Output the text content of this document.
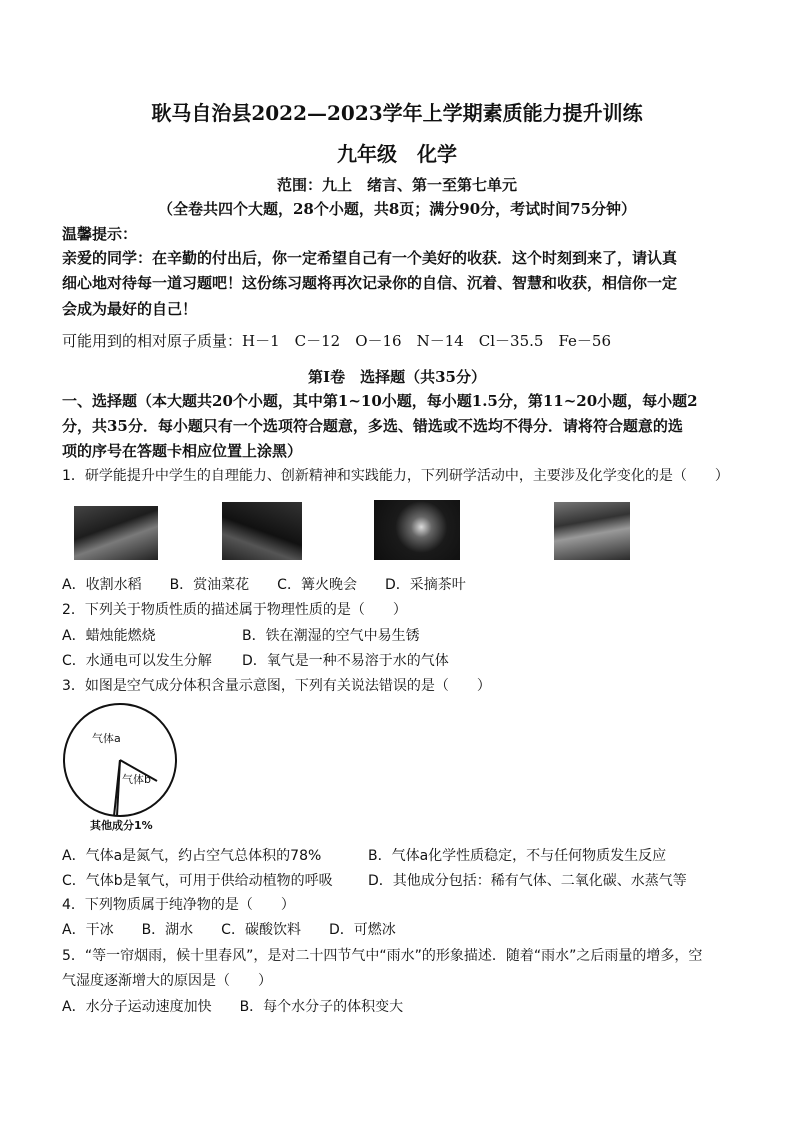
耿马自治县2022—2023学年上学期素质能力提升训练
九年级　化学
范围：九上　绪言、第一至第七单元
（全卷共四个大题，28个小题，共8页；满分90分，考试时间75分钟）
温馨提示：
亲爱的同学：在辛勤的付出后，你一定希望自己有一个美好的收获．这个时刻到来了，请认真
细心地对待每一道习题吧！这份练习题将再次记录你的自信、沉着、智慧和收获，相信你一定
会成为最好的自己！
可能用到的相对原子质量：H－1　C－12　O－16　N－14　Cl－35.5　Fe－56
第Ⅰ卷　选择题（共35分）
一、选择题（本大题共20个小题，其中第1~10小题，每小题1.5分，第11~20小题，每小题2
分，共35分．每小题只有一个选项符合题意，多选、错选或不选均不得分．请将符合题意的选
项的序号在答题卡相应位置上涂黑）
1．研学能提升中学生的自理能力、创新精神和实践能力，下列研学活动中，主要涉及化学变化的是（　　）
A．收割水稻　　B．赏油菜花　　C．篝火晚会　　D．采摘茶叶
2．下列关于物质性质的描述属于物理性质的是（　　）
A．蜡烛能燃烧	B．铁在潮湿的空气中易生锈
C．水通电可以发生分解 D．氧气是一种不易溶于水的气体
3．如图是空气成分体积含量示意图，下列有关说法错误的是（　　）
气体a
气体b
其他成分1%
A．气体a是氮气，约占空气总体积的78%	B．气体a化学性质稳定，不与任何物质发生反应
C．气体b是氧气，可用于供给动植物的呼吸	D．其他成分包括：稀有气体、二氧化碳、水蒸气等
4．下列物质属于纯净物的是（　　）
A．干冰　　B．湖水　　C．碳酸饮料　　D．可燃冰
5．“等一帘烟雨，候十里春风”，是对二十四节气中“雨水”的形象描述．随着“雨水”之后雨量的增多，空
气湿度逐渐增大的原因是（　　）
A．水分子运动速度加快　　B．每个水分子的体积变大
